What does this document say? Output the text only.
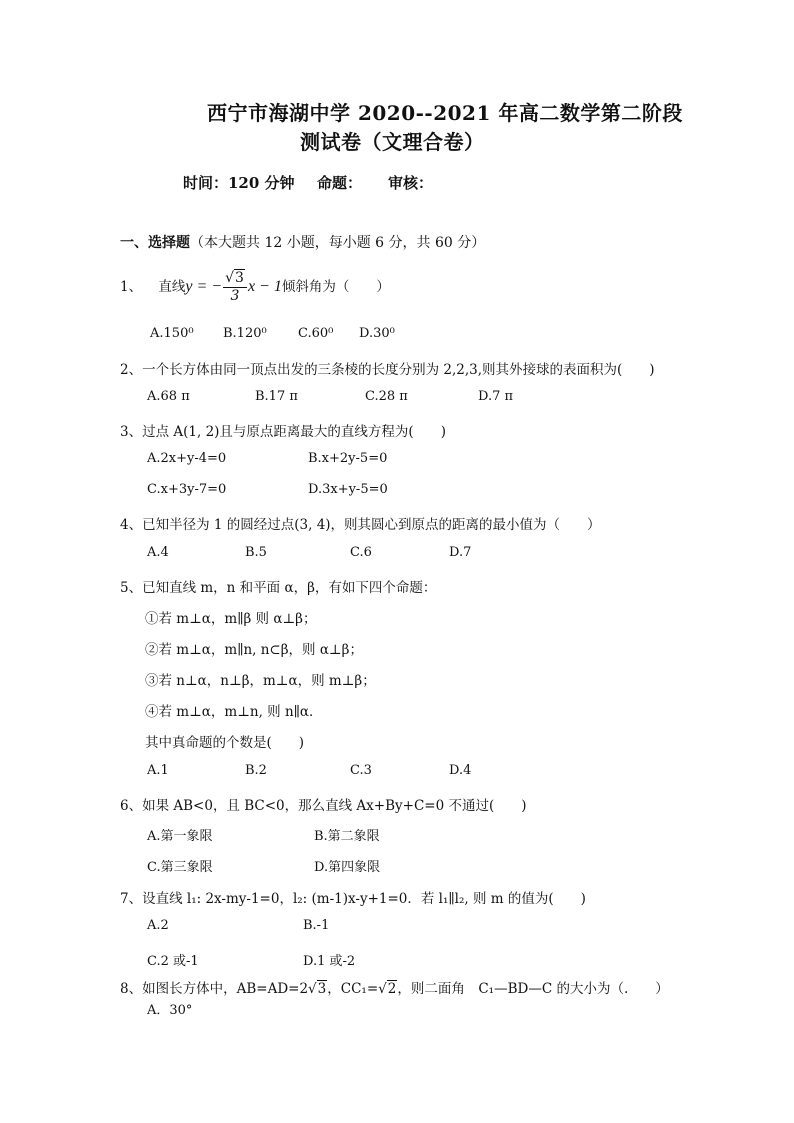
西宁市海湖中学 2020--2021 年高二数学第二阶段
测试卷（文理合卷）
时间：120 分钟 命题： 审核：
一、选择题（本大题共 12 小题，每小题 6 分，共 60 分）
1、 直线y = − $\frac{√3}{3}$ x − 1倾斜角为（　　）
A.150⁰ B.120⁰ C.60⁰ D.30⁰
2、一个长方体由同一顶点出发的三条棱的长度分别为 2,2,3,则其外接球的表面积为(　　)
A.68 π	B.17 π	C.28 π	D.7 π
3、过点 A(1, 2)且与原点距离最大的直线方程为(　　)
A.2x+y-4=0	B.x+2y-5=0
C.x+3y-7=0	D.3x+y-5=0
4、已知半径为 1 的圆经过点(3, 4)，则其圆心到原点的距离的最小值为（　　）
A.4	B.5	C.6	D.7
5、已知直线 m，n 和平面 α，β，有如下四个命题：
①若 m⊥α，m∥β 则 α⊥β；
②若 m⊥α，m∥n, n⊂β，则 α⊥β；
③若 n⊥α，n⊥β，m⊥α，则 m⊥β；
④若 m⊥α，m⊥n, 则 n∥α．
其中真命题的个数是(　　)
A.1	B.2	C.3	D.4
6、如果 AB<0，且 BC<0，那么直线 Ax+By+C=0 不通过(　　)
A.第一象限	B.第二象限
C.第三象限	D.第四象限
7、设直线 l₁: 2x-my-1=0，l₂: (m-1)x-y+1=0．若 l₁∥l₂, 则 m 的值为(　　)
A.2	B.-1
C.2 或-1	D.1 或-2
8、如图长方体中，AB=AD=2√3，CC₁=√2，则二面角　C₁—BD—C 的大小为（.　　）
A．30°
